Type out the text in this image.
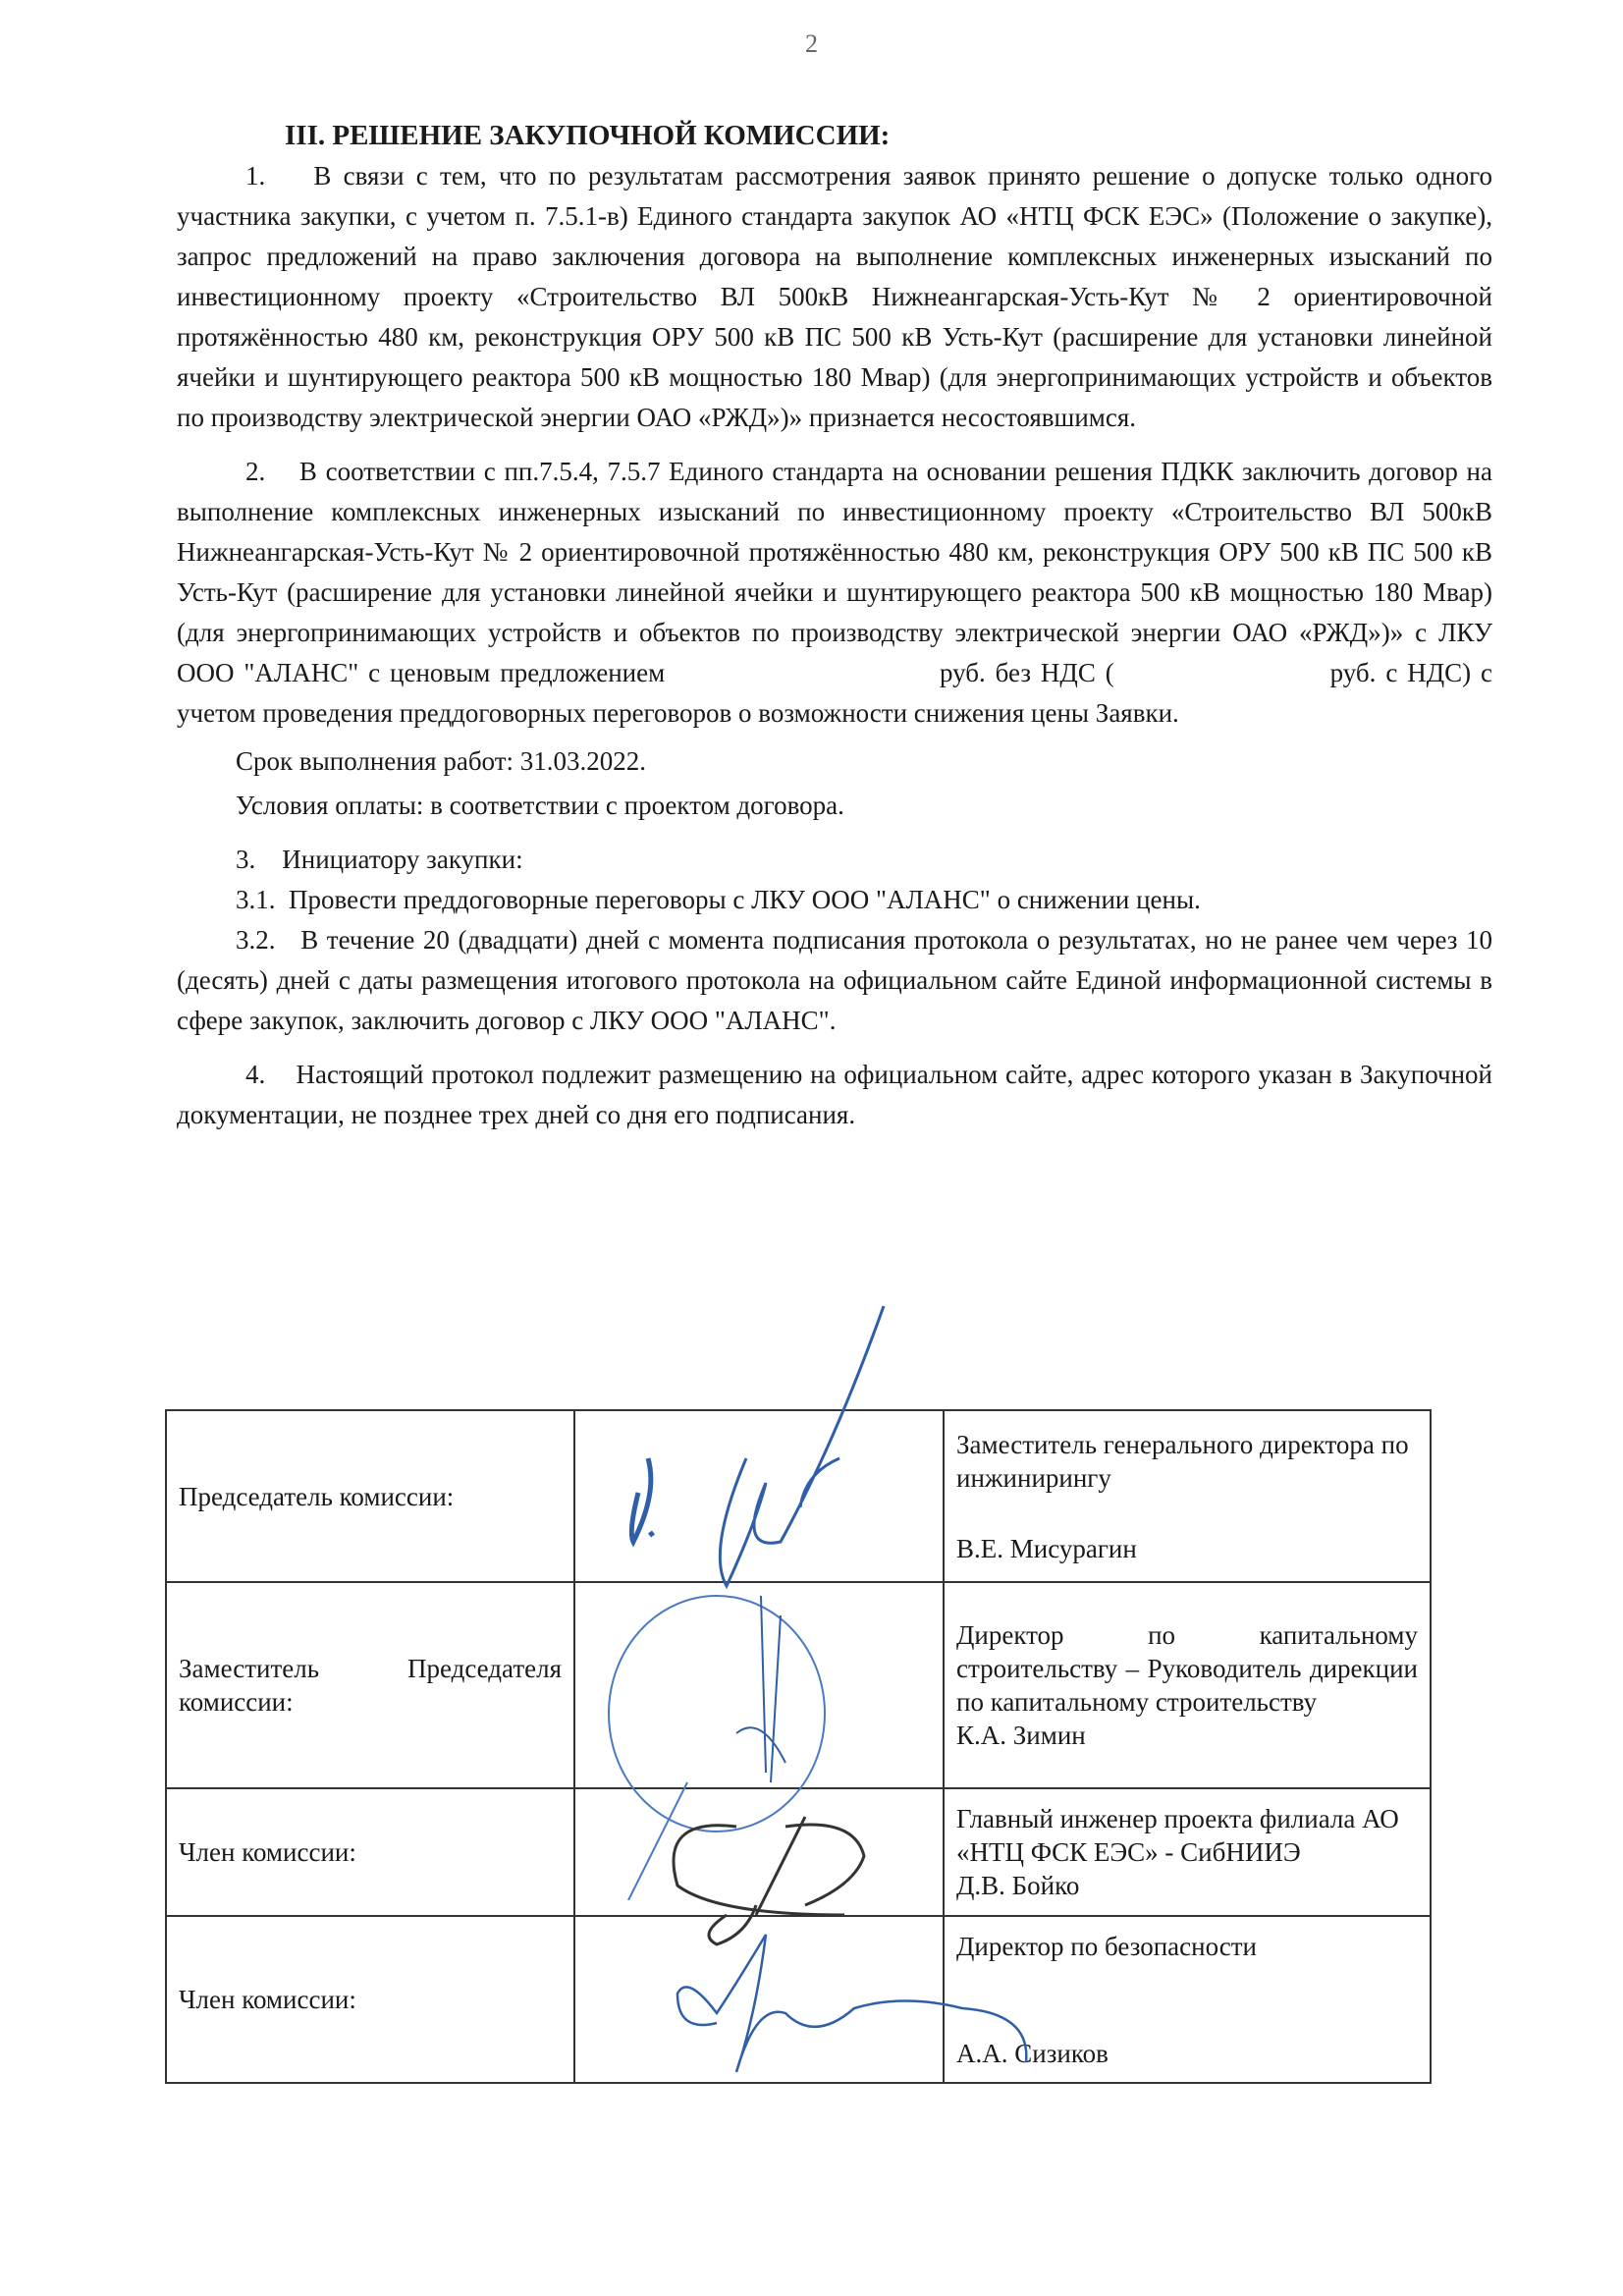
2
III. РЕШЕНИЕ ЗАКУПОЧНОЙ КОМИССИИ:

1.    В связи с тем, что по результатам рассмотрения заявок принято решение о допуске только одного участника закупки, с учетом п. 7.5.1-в) Единого стандарта закупок АО «НТЦ ФСК ЕЭС» (Положение о закупке), запрос предложений на право заключения договора на выполнение комплексных инженерных изысканий по инвестиционному проекту «Строительство ВЛ 500кВ Нижнеангарская-Усть-Кут № 2 ориентировочной протяжённостью 480 км, реконструкция ОРУ 500 кВ ПС 500 кВ Усть-Кут (расширение для установки линейной ячейки и шунтирующего реактора 500 кВ мощностью 180 Мвар) (для энергопринимающих устройств и объектов по производству электрической энергии ОАО «РЖД»)» признается несостоявшимся.

2.    В соответствии с пп.7.5.4, 7.5.7 Единого стандарта на основании решения ПДКК заключить договор на выполнение комплексных инженерных изысканий по инвестиционному проекту «Строительство ВЛ 500кВ Нижнеангарская-Усть-Кут № 2 ориентировочной протяжённостью 480 км, реконструкция ОРУ 500 кВ ПС 500 кВ Усть-Кут (расширение для установки линейной ячейки и шунтирующего реактора 500 кВ мощностью 180 Мвар) (для энергопринимающих устройств и объектов по производству электрической энергии ОАО «РЖД»)» с ЛКУ ООО "АЛАНС" с ценовым предложением	руб. без НДС (	руб. с НДС) с учетом проведения преддоговорных переговоров о возможности снижения цены Заявки.

Срок выполнения работ: 31.03.2022.

Условия оплаты: в соответствии с проектом договора.

3.    Инициатору закупки:

3.1.  Провести преддоговорные переговоры с ЛКУ ООО "АЛАНС" о снижении цены.

3.2.   В течение 20 (двадцати) дней с момента подписания протокола о результатах, но не ранее чем через 10 (десять) дней с даты размещения итогового протокола на официальном сайте Единой информационной системы в сфере закупок, заключить договор с ЛКУ ООО "АЛАНС".

4.    Настоящий протокол подлежит размещению на официальном сайте, адрес которого указан в Закупочной документации, не позднее трех дней со дня его подписания.

Председатель комиссии:		Заместитель генерального директора по инжинирингу
В.Е. Мисурагин

Заместитель Председателя комиссии:		Директор по капитальному строительству – Руководитель дирекции по капитальному строительству
К.А. Зимин

Член комиссии:		Главный инженер проекта филиала АО «НТЦ ФСК ЕЭС» - СибНИИЭ
Д.В. Бойко

Член комиссии:		Директор по безопасности
А.А. Сизиков
